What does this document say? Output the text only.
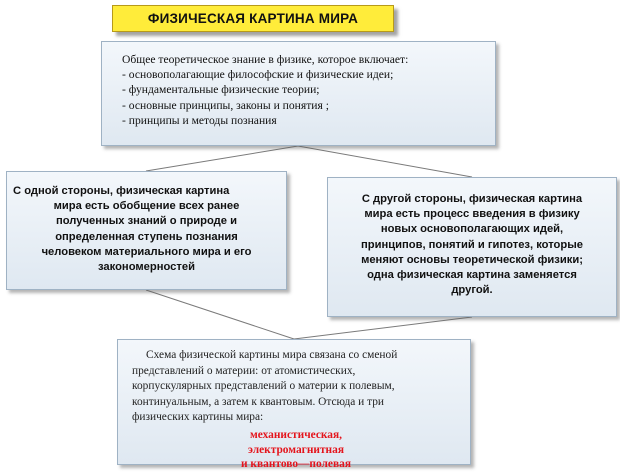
ФИЗИЧЕСКАЯ КАРТИНА МИРА
Общее теоретическое знание в физике, которое включает:
- основополагающие философские и физические идеи;
- фундаментальные физические теории;
- основные принципы, законы и понятия ;
- принципы и методы познания
С одной стороны, физическая картина
мира есть обобщение всех ранее
полученных знаний о природе и
определенная ступень познания
человеком материального мира и его
закономерностей
С другой стороны, физическая картина
мира есть процесс введения в физику
новых основополагающих идей,
принципов, понятий и гипотез, которые
меняют основы теоретической физики;
одна физическая картина заменяется
другой.
Схема физической картины мира связана со сменой
представлений о материи: от атомистических,
корпускулярных представлений о материи к полевым,
континуальным, а затем к квантовым. Отсюда и три
физических картины мира:
механистическая,
электромагнитная
и квантово—полевая
